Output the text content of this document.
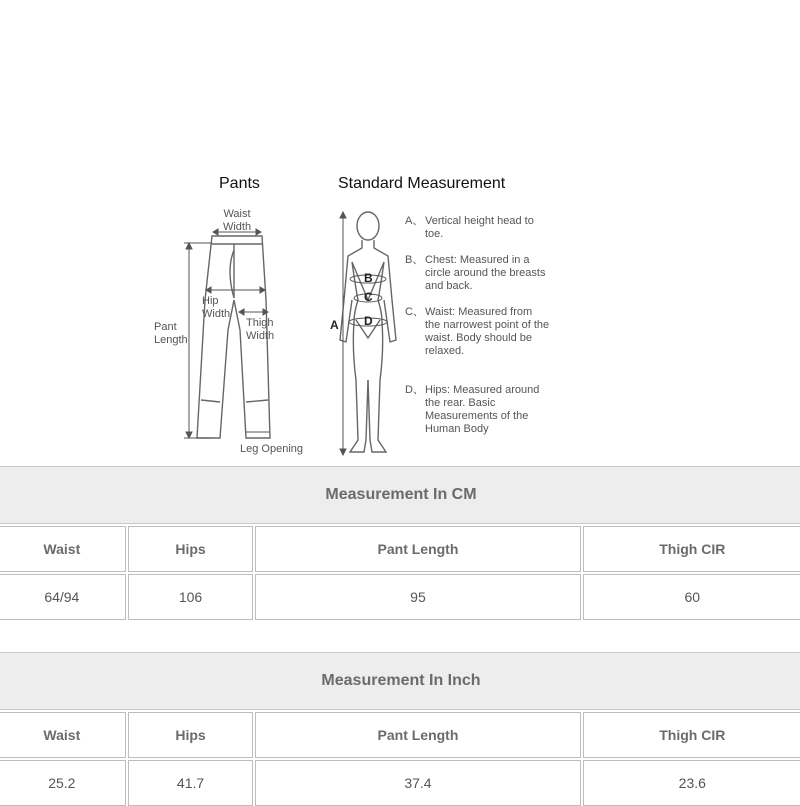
Pants	Standard Measurement
Waist
Width
Hip
Width
Thigh
Width
Pant
Length
Leg Opening
A
B
C
D
A、 Vertical height head to toe.
B、 Chest: Measured in a circle around the breasts and back.
C、 Waist: Measured from the narrowest point of the waist. Body should be relaxed.
D、 Hips: Measured around the rear. Basic Measurements of the Human Body
Measurement In CM
Waist	Hips	Pant Length	Thigh CIR
64/94	106	95	60
Measurement In Inch
Waist	Hips	Pant Length	Thigh CIR
25.2	41.7	37.4	23.6
